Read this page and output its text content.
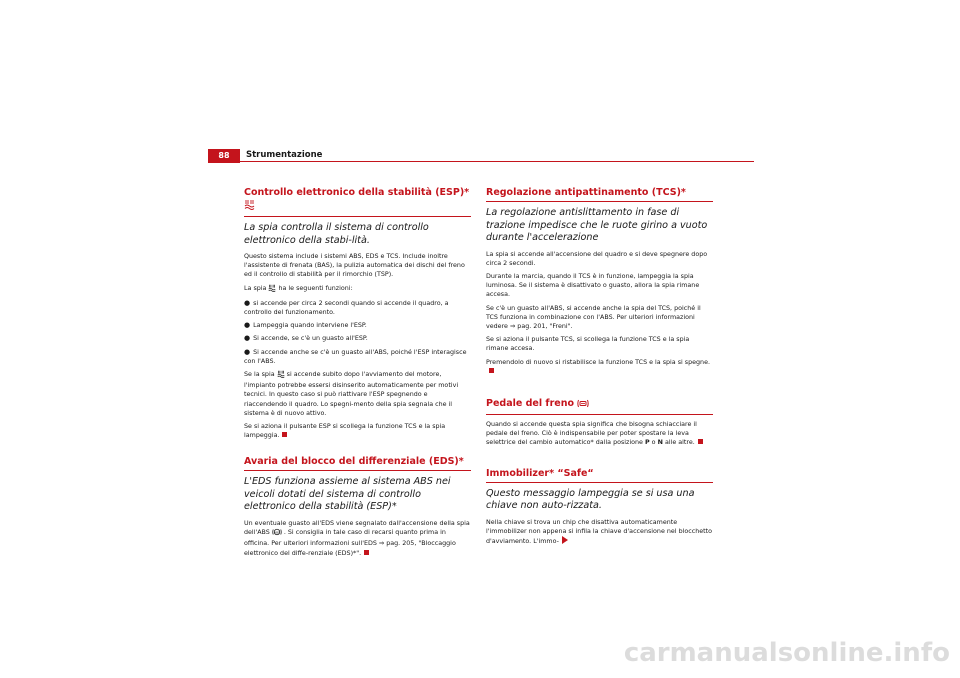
88	Strumentazione
Controllo elettronico della stabilità (ESP)*
La spia controlla il sistema di controllo elettronico della stabi-lità.

Questo sistema include i sistemi ABS, EDS e TCS. Include inoltre l'assistente di frenata (BAS), la pulizia automatica dei dischi del freno ed il controllo di stabilità per il rimorchio (TSP).

La spia ha le seguenti funzioni:

● si accende per circa 2 secondi quando si accende il quadro, a controllo del funzionamento.
● Lampeggia quando interviene l'ESP.
● Si accende, se c'è un guasto all'ESP.
● Si accende anche se c'è un guasto all'ABS, poiché l'ESP interagisce con l'ABS.

Se la spia si accende subito dopo l'avviamento del motore, l'impianto potrebbe essersi disinserito automaticamente per motivi tecnici. In questo caso si può riattivare l'ESP spegnendo e riaccendendo il quadro. Lo spegni-mento della spia segnala che il sistema è di nuovo attivo.

Se si aziona il pulsante ESP si scollega la funzione TCS e la spia lampeggia.

Avaria del blocco del differenziale (EDS)*
L'EDS funziona assieme al sistema ABS nei veicoli dotati del sistema di controllo elettronico della stabilità (ESP)*

Un eventuale guasto all'EDS viene segnalato dall'accensione della spia dell'ABS ABS . Si consiglia in tale caso di recarsi quanto prima in officina. Per ulteriori informazioni sull'EDS ⇒ pag. 205, "Bloccaggio elettronico del diffe-renziale (EDS)*".

Regolazione antipattinamento (TCS)*
La regolazione antislittamento in fase di trazione impedisce che le ruote girino a vuoto durante l'accelerazione

La spia si accende all'accensione del quadro e si deve spegnere dopo circa 2 secondi.

Durante la marcia, quando il TCS è in funzione, lampeggia la spia luminosa. Se il sistema è disattivato o guasto, allora la spia rimane accesa.

Se c'è un guasto all'ABS, si accende anche la spia del TCS, poiché il TCS funziona in combinazione con l'ABS. Per ulteriori informazioni vedere ⇒ pag. 201, "Freni".

Se si aziona il pulsante TCS, si scollega la funzione TCS e la spia rimane accesa.

Premendolo di nuovo si ristabilisce la funzione TCS e la spia si spegne.

Pedale del freno

Quando si accende questa spia significa che bisogna schiacciare il pedale del freno. Ciò è indispensabile per poter spostare la leva selettrice del cambio automatico* dalla posizione P o N alle altre.

Immobilizer* “Safe“
Questo messaggio lampeggia se si usa una chiave non auto-rizzata.

Nella chiave si trova un chip che disattiva automaticamente l'immobilizer non appena si infila la chiave d'accensione nel blocchetto d'avviamento. L'immo-

carmanualsonline.info
